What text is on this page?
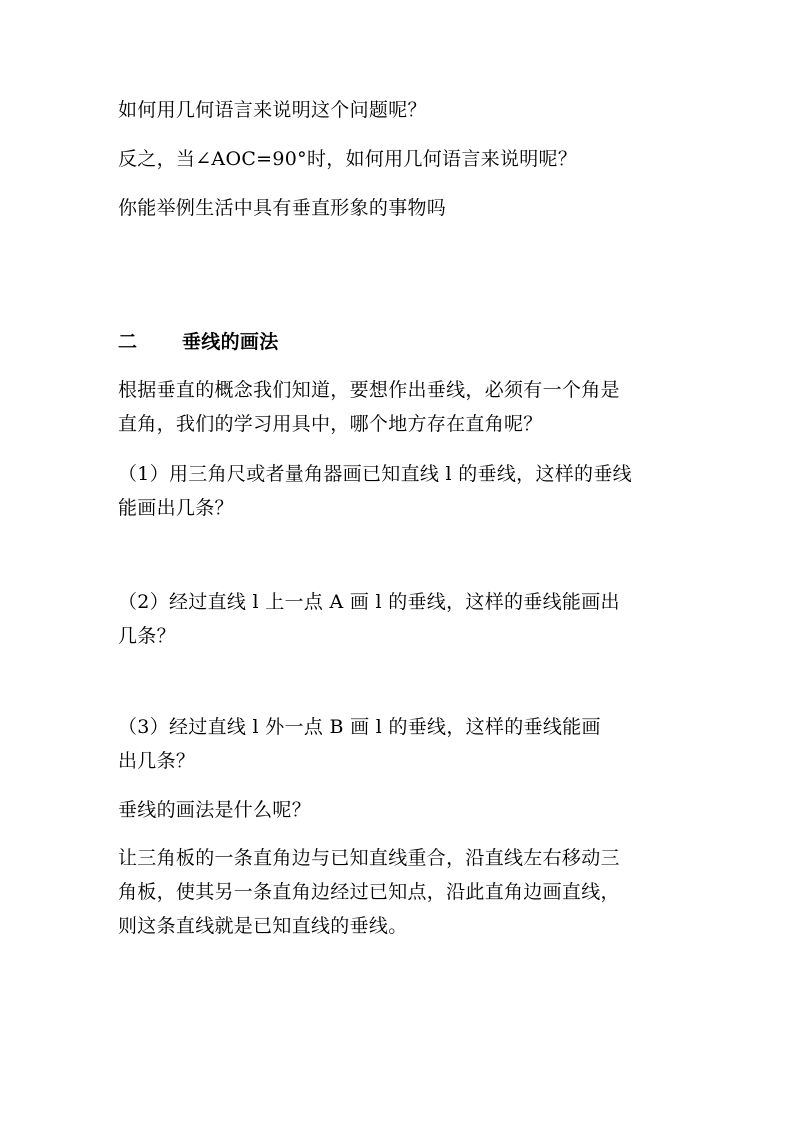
如何用几何语言来说明这个问题呢？
反之，当∠AOC=90°时，如何用几何语言来说明呢？
你能举例生活中具有垂直形象的事物吗
二 垂线的画法
根据垂直的概念我们知道，要想作出垂线，必须有一个角是
直角，我们的学习用具中，哪个地方存在直角呢？
（1）用三角尺或者量角器画已知直线 l 的垂线，这样的垂线
能画出几条？
（2）经过直线 l 上一点 A 画 l 的垂线，这样的垂线能画出
几条？
（3）经过直线 l 外一点 B 画 l 的垂线，这样的垂线能画
出几条？
垂线的画法是什么呢？
让三角板的一条直角边与已知直线重合，沿直线左右移动三
角板，使其另一条直角边经过已知点，沿此直角边画直线，
则这条直线就是已知直线的垂线。
